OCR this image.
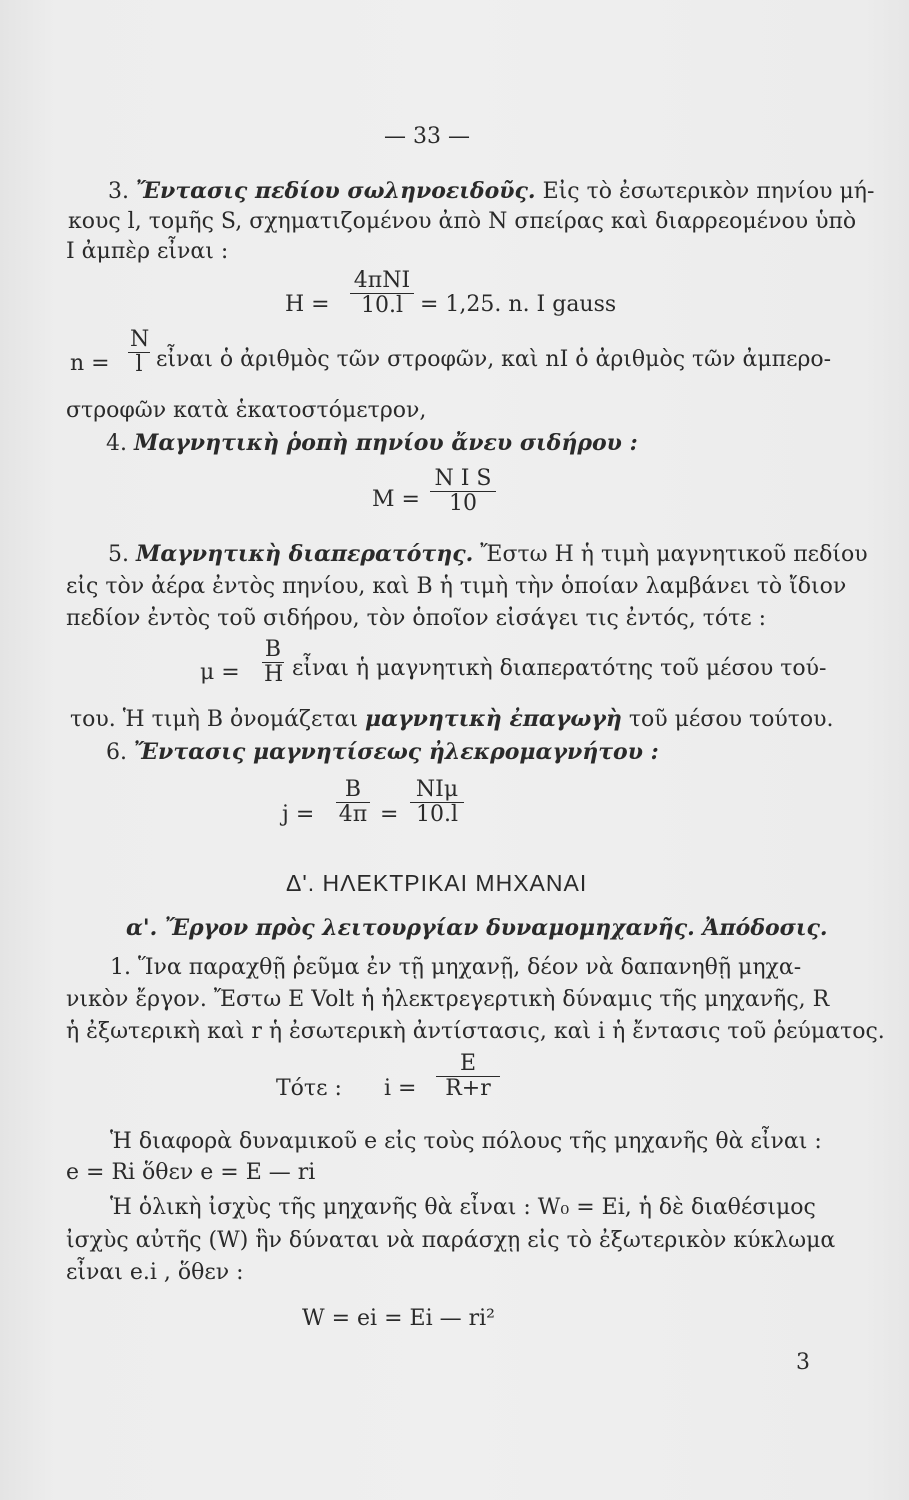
— 33 —
3. Ἔντασις πεδίου σωληνοειδοῦς. Εἰς τὸ ἐσωτερικὸν πηνίου μή-
κους l, τομῆς S, σχηματιζομένου ἀπὸ N σπείρας καὶ διαρρεομένου ὑπὸ
I ἀμπὲρ εἶναι :
H =
4πNI
10.l = 1,25. n. I gauss
n =
N
l εἶναι ὁ ἀριθμὸς τῶν στροφῶν, καὶ nI ὁ ἀριθμὸς τῶν ἀμπερο-
στροφῶν κατὰ ἑκατοστόμετρον,
4. Μαγνητικὴ ῥοπὴ πηνίου ἄνευ σιδήρου :
M =
N I S
10
5. Μαγνητικὴ διαπερατότης. Ἔστω H ἡ τιμὴ μαγνητικοῦ πεδίου
εἰς τὸν ἀέρα ἐντὸς πηνίου, καὶ B ἡ τιμὴ τὴν ὁποίαν λαμβάνει τὸ ἴδιον
πεδίον ἐντὸς τοῦ σιδήρου, τὸν ὁποῖον εἰσάγει τις ἐντός, τότε :
μ =
B
H εἶναι ἡ μαγνητικὴ διαπερατότης τοῦ μέσου τού-
του. Ἡ τιμὴ B ὀνομάζεται μαγνητικὴ ἐπαγωγὴ τοῦ μέσου τούτου.
6. Ἔντασις μαγνητίσεως ἠλεκρομαγνήτου :
j =
B
4π =
NIμ
10.l
Δ'. ΗΛΕΚΤΡΙΚΑΙ ΜΗΧΑΝΑΙ
α'. Ἔργον πρὸς λειτουργίαν δυναμομηχανῆς. Ἀπόδοσις.
1. Ἵνα παραχθῇ ῥεῦμα ἐν τῇ μηχανῇ, δέον νὰ δαπανηθῇ μηχα-
νικὸν ἔργον. Ἔστω E Volt ἡ ἠλεκτρεγερτικὴ δύναμις τῆς μηχανῆς, R
ἡ ἐξωτερικὴ καὶ r ἡ ἐσωτερικὴ ἀντίστασις, καὶ i ἡ ἔντασις τοῦ ῥεύματος.
Τότε : i =
E
R+r
Ἡ διαφορὰ δυναμικοῦ e εἰς τοὺς πόλους τῆς μηχανῆς θὰ εἶναι :
e = Ri ὅθεν e = E — ri
Ἡ ὁλικὴ ἰσχὺς τῆς μηχανῆς θὰ εἶναι : W₀ = Ei, ἡ δὲ διαθέσιμος
ἰσχὺς αὐτῆς (W) ἣν δύναται νὰ παράσχῃ εἰς τὸ ἐξωτερικὸν κύκλωμα
εἶναι e.i , ὅθεν :
W = ei = Ei — ri²
3
